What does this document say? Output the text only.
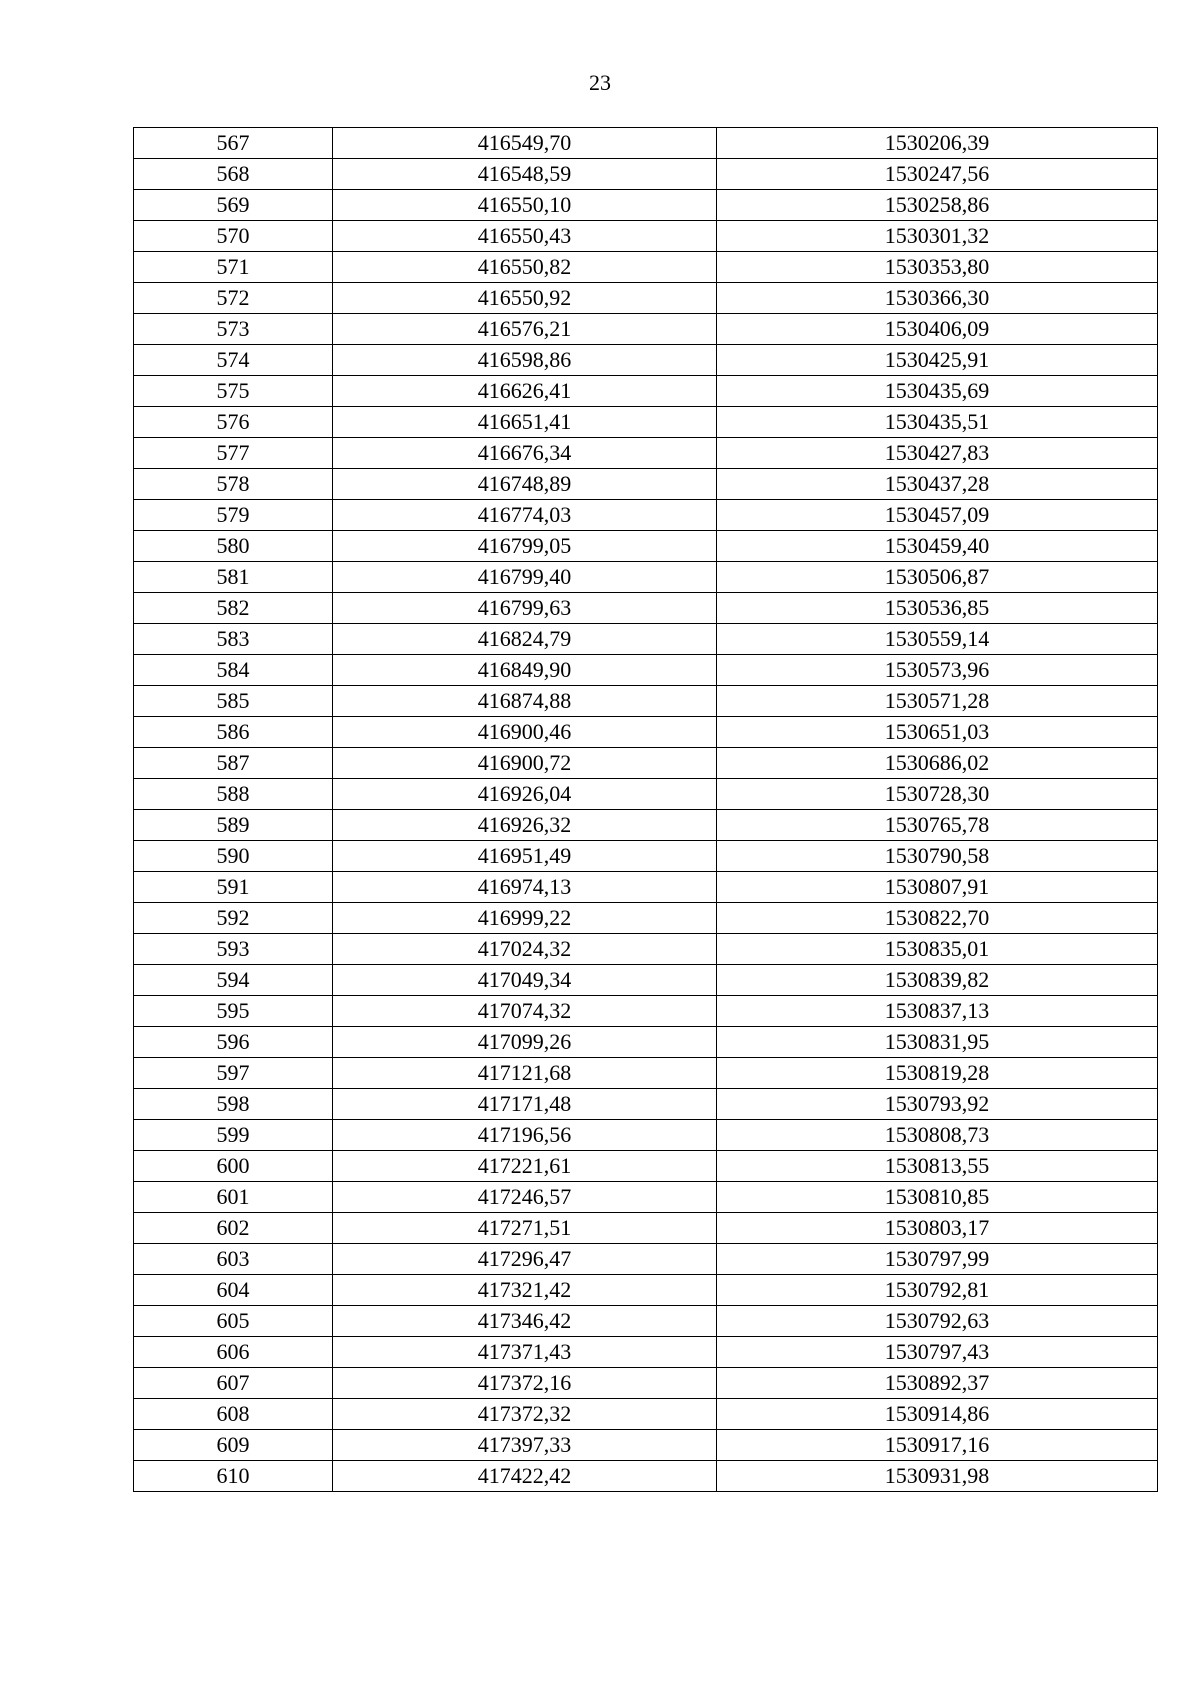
23
567	416549,70	1530206,39
568	416548,59	1530247,56
569	416550,10	1530258,86
570	416550,43	1530301,32
571	416550,82	1530353,80
572	416550,92	1530366,30
573	416576,21	1530406,09
574	416598,86	1530425,91
575	416626,41	1530435,69
576	416651,41	1530435,51
577	416676,34	1530427,83
578	416748,89	1530437,28
579	416774,03	1530457,09
580	416799,05	1530459,40
581	416799,40	1530506,87
582	416799,63	1530536,85
583	416824,79	1530559,14
584	416849,90	1530573,96
585	416874,88	1530571,28
586	416900,46	1530651,03
587	416900,72	1530686,02
588	416926,04	1530728,30
589	416926,32	1530765,78
590	416951,49	1530790,58
591	416974,13	1530807,91
592	416999,22	1530822,70
593	417024,32	1530835,01
594	417049,34	1530839,82
595	417074,32	1530837,13
596	417099,26	1530831,95
597	417121,68	1530819,28
598	417171,48	1530793,92
599	417196,56	1530808,73
600	417221,61	1530813,55
601	417246,57	1530810,85
602	417271,51	1530803,17
603	417296,47	1530797,99
604	417321,42	1530792,81
605	417346,42	1530792,63
606	417371,43	1530797,43
607	417372,16	1530892,37
608	417372,32	1530914,86
609	417397,33	1530917,16
610	417422,42	1530931,98
